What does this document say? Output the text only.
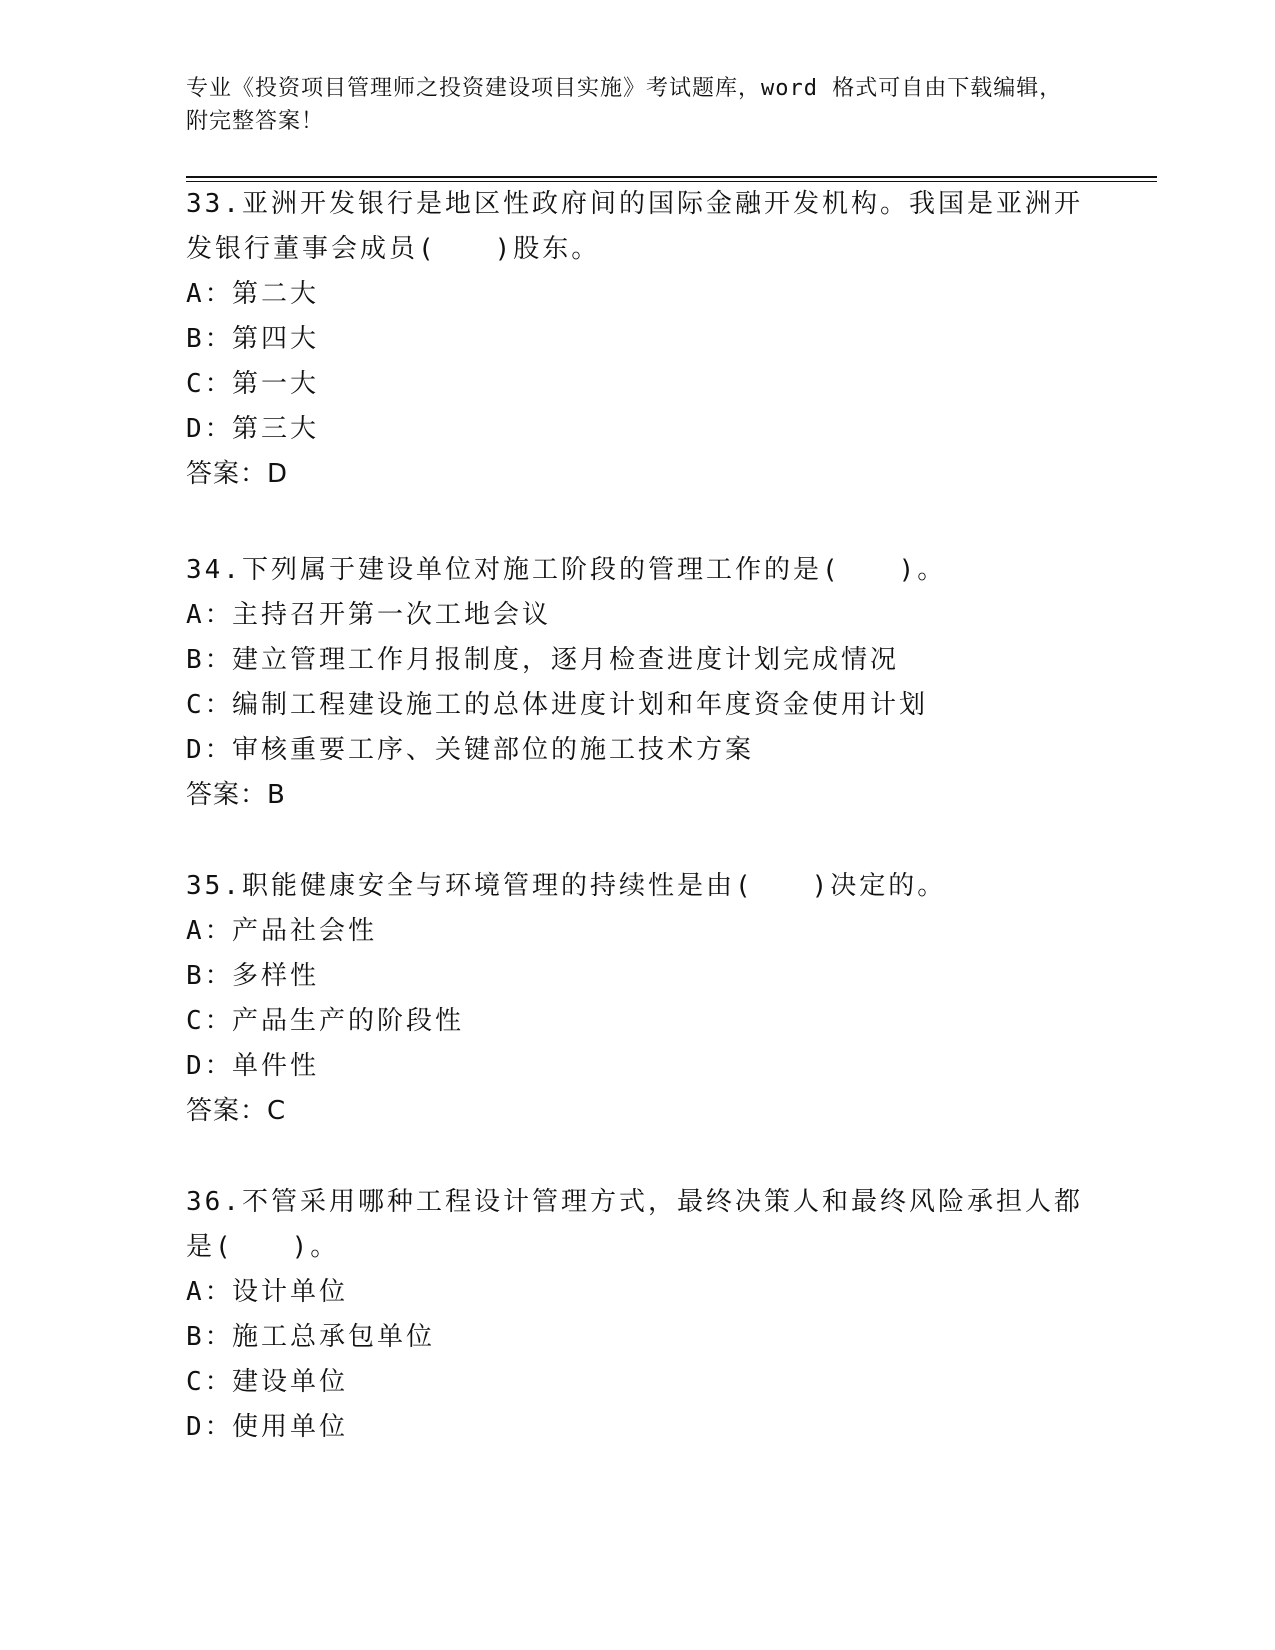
专业《投资项目管理师之投资建设项目实施》考试题库，word 格式可自由下载编辑，附完整答案！

33.亚洲开发银行是地区性政府间的国际金融开发机构。我国是亚洲开发银行董事会成员(　　)股东。

A：第二大

B：第四大

C：第一大

D：第三大

答案：D

34.下列属于建设单位对施工阶段的管理工作的是(　　)。

A：主持召开第一次工地会议

B：建立管理工作月报制度，逐月检查进度计划完成情况

C：编制工程建设施工的总体进度计划和年度资金使用计划

D：审核重要工序、关键部位的施工技术方案

答案：B

35.职能健康安全与环境管理的持续性是由(　　)决定的。

A：产品社会性

B：多样性

C：产品生产的阶段性

D：单件性

答案：C

36.不管采用哪种工程设计管理方式，最终决策人和最终风险承担人都是(　　)。

A：设计单位

B：施工总承包单位

C：建设单位

D：使用单位
